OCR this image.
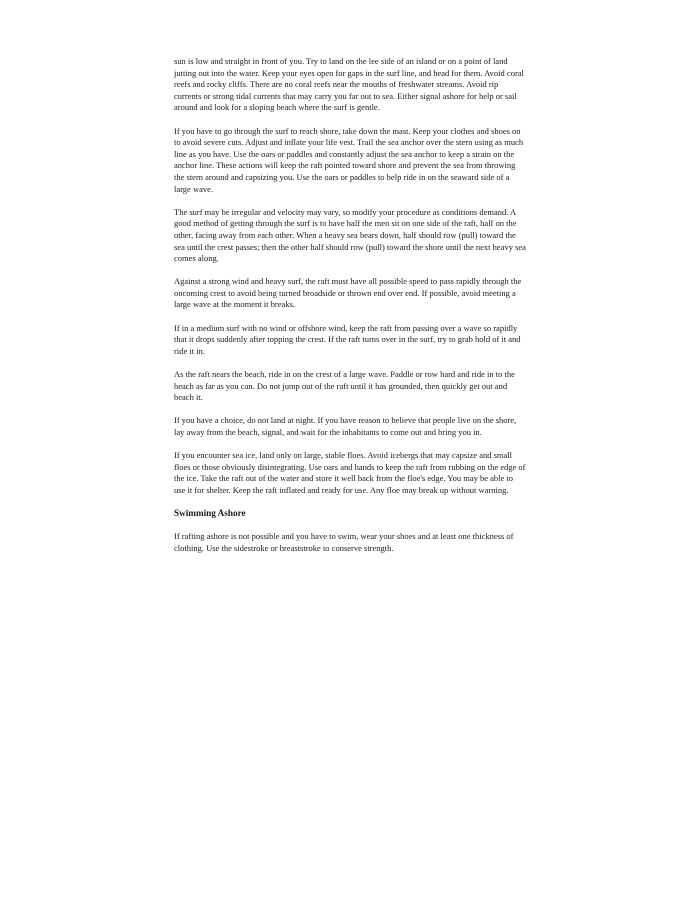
sun is low and straight in front of you. Try to land on the lee side of an island or on a point of land jutting out into the water. Keep your eyes open for gaps in the surf line, and head for them. Avoid coral reefs and rocky cliffs. There are no coral reefs near the mouths of freshwater streams. Avoid rip currents or strong tidal currents that may carry you far out to sea. Either signal ashore for help or sail around and look for a sloping beach where the surf is gentle.

If you have to go through the surf to reach shore, take down the mast. Keep your clothes and shoes on to avoid severe cuts. Adjust and inflate your life vest. Trail the sea anchor over the stern using as much line as you have. Use the oars or paddles and constantly adjust the sea anchor to keep a strain on the anchor line. These actions will keep the raft pointed toward shore and prevent the sea from throwing the stern around and capsizing you. Use the oars or paddles to help ride in on the seaward side of a large wave.

The surf may be irregular and velocity may vary, so modify your procedure as conditions demand. A good method of getting through the surf is to have half the men sit on one side of the raft, half on the other, facing away from each other. When a heavy sea bears down, half should row (pull) toward the sea until the crest passes; then the other half should row (pull) toward the shore until the next heavy sea comes along.

Against a strong wind and heavy surf, the raft must have all possible speed to pass rapidly through the oncoming crest to avoid being turned broadside or thrown end over end. If possible, avoid meeting a large wave at the moment it breaks.

If in a medium surf with no wind or offshore wind, keep the raft from passing over a wave so rapidly that it drops suddenly after topping the crest. If the raft turns over in the surf, try to grab hold of it and ride it in.

As the raft nears the beach, ride in on the crest of a large wave. Paddle or row hard and ride in to the beach as far as you can. Do not jump out of the raft until it has grounded, then quickly get out and beach it.

If you have a choice, do not land at night. If you have reason to believe that people live on the shore, lay away from the beach, signal, and wait for the inhabitants to come out and bring you in.

If you encounter sea ice, land only on large, stable floes. Avoid icebergs that may capsize and small floes or those obviously disintegrating. Use oars and hands to keep the raft from rubbing on the edge of the ice. Take the raft out of the water and store it well back from the floe's edge. You may be able to use it for shelter. Keep the raft inflated and ready for use. Any floe may break up without warning.

Swimming Ashore

If rafting ashore is not possible and you have to swim, wear your shoes and at least one thickness of clothing. Use the sidestroke or breaststroke to conserve strength.
